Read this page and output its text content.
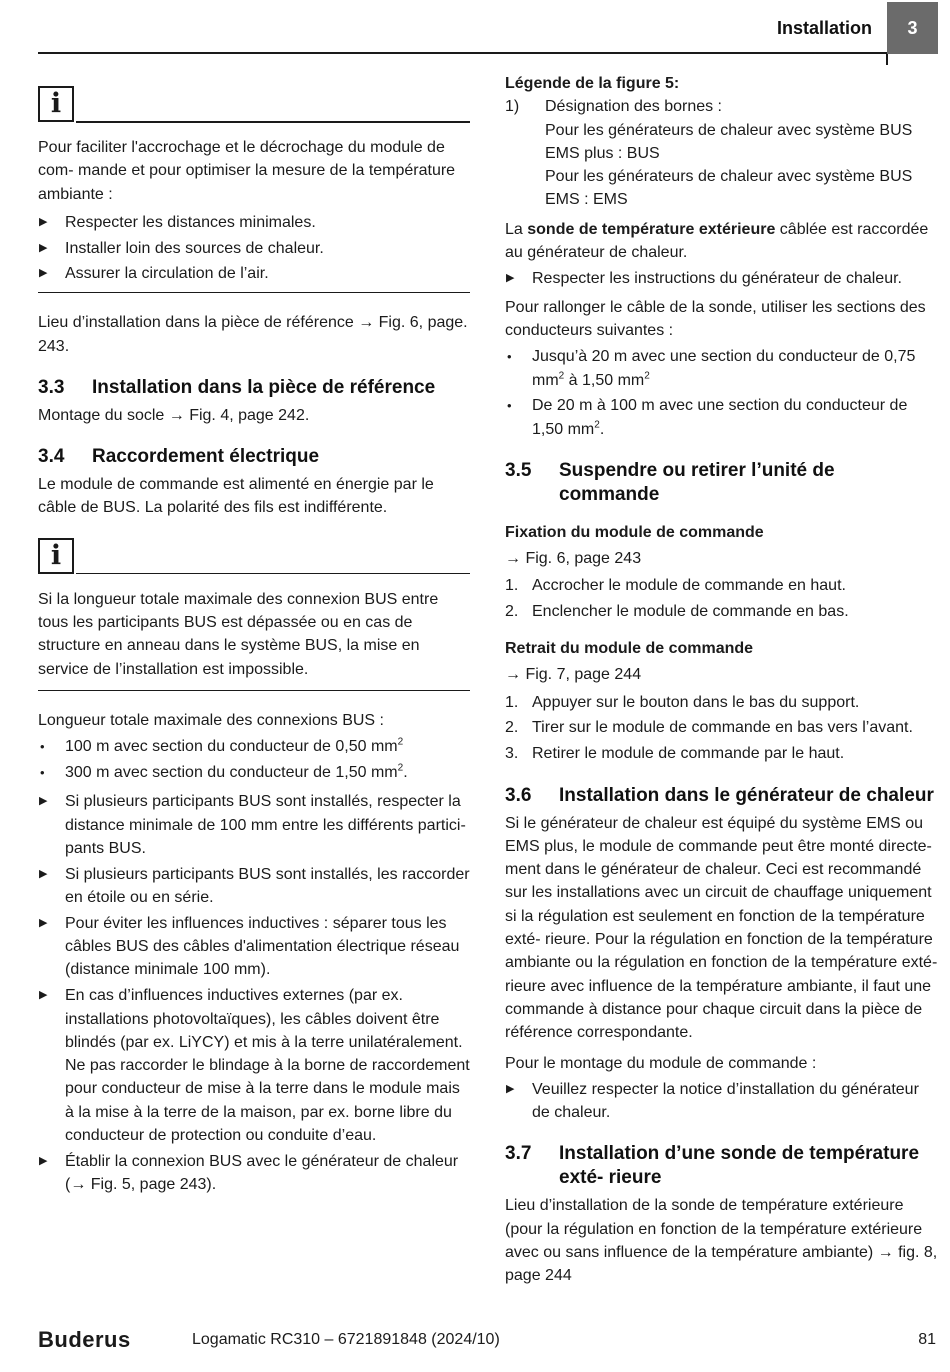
Installation	3
i

Pour faciliter l'accrochage et le décrochage du module de com- mande et pour optimiser la mesure de la température ambiante :

▶ Respecter les distances minimales.
▶ Installer loin des sources de chaleur.
▶ Assurer la circulation de l’air.

Lieu d’installation dans la pièce de référence → Fig. 6, page. 243.

3.3 Installation dans la pièce de référence

Montage du socle → Fig. 4, page 242.

3.4 Raccordement électrique

Le module de commande est alimenté en énergie par le câble de BUS. La polarité des fils est indifférente.

i

Si la longueur totale maximale des connexion BUS entre tous les participants BUS est dépassée ou en cas de structure en anneau dans le système BUS, la mise en service de l’installation est impossible.

Longueur totale maximale des connexions BUS :

• 100 m avec section du conducteur de 0,50 $mm^2$
• 300 m avec section du conducteur de 1,50 $mm^2$.
▶ Si plusieurs participants BUS sont installés, respecter la distance minimale de 100 mm entre les différents partici- pants BUS.
▶ Si plusieurs participants BUS sont installés, les raccorder en étoile ou en série.
▶ Pour éviter les influences inductives : séparer tous les câbles BUS des câbles d'alimentation électrique réseau (distance minimale 100 mm).
▶ En cas d’influences inductives externes (par ex. installations photovoltaïques), les câbles doivent être blindés (par ex. LiYCY) et mis à la terre unilatéralement. Ne pas raccorder le blindage à la borne de raccordement pour conducteur de mise à la terre dans le module mais à la mise à la terre de la maison, par ex. borne libre du conducteur de protection ou conduite d’eau.
▶ Établir la connexion BUS avec le générateur de chaleur (→ Fig. 5, page 243).

Légende de la figure 5:

1) Désignation des bornes :

Pour les générateurs de chaleur avec système BUS EMS plus : BUS

Pour les générateurs de chaleur avec système BUS EMS : EMS

La sonde de température extérieure câblée est raccordée au générateur de chaleur.

▶ Respecter les instructions du générateur de chaleur.

Pour rallonger le câble de la sonde, utiliser les sections des conducteurs suivantes :

• Jusqu’à 20 m avec une section du conducteur de 0,75 $mm^2$ à 1,50 $mm^2$
• De 20 m à 100 m avec une section du conducteur de 1,50 $mm^2$.
3.5 Suspendre ou retirer l’unité de commande
Fixation du module de commande

→ Fig. 6, page 243

1. Accrocher le module de commande en haut.
2. Enclencher le module de commande en bas.
Retrait du module de commande

→ Fig. 7, page 244

1. Appuyer sur le bouton dans le bas du support.
2. Tirer sur le module de commande en bas vers l’avant.
3. Retirer le module de commande par le haut.
3.6 Installation dans le générateur de chaleur

Si le générateur de chaleur est équipé du système EMS ou EMS plus, le module de commande peut être monté directe- ment dans le générateur de chaleur. Ceci est recommandé sur les installations avec un circuit de chauffage uniquement si la régulation est seulement en fonction de la température exté- rieure. Pour la régulation en fonction de la température ambiante ou la régulation en fonction de la température exté- rieure avec influence de la température ambiante, il faut une commande à distance pour chaque circuit dans la pièce de référence correspondante.

Pour le montage du module de commande :

▶ Veuillez respecter la notice d’installation du générateur de chaleur.
3.7 Installation d’une sonde de température exté- rieure

Lieu d’installation de la sonde de température extérieure (pour la régulation en fonction de la température extérieure avec ou sans influence de la température ambiante) → fig. 8, page 244

Buderus	Logamatic RC310 – 6721891848 (2024/10)	81
